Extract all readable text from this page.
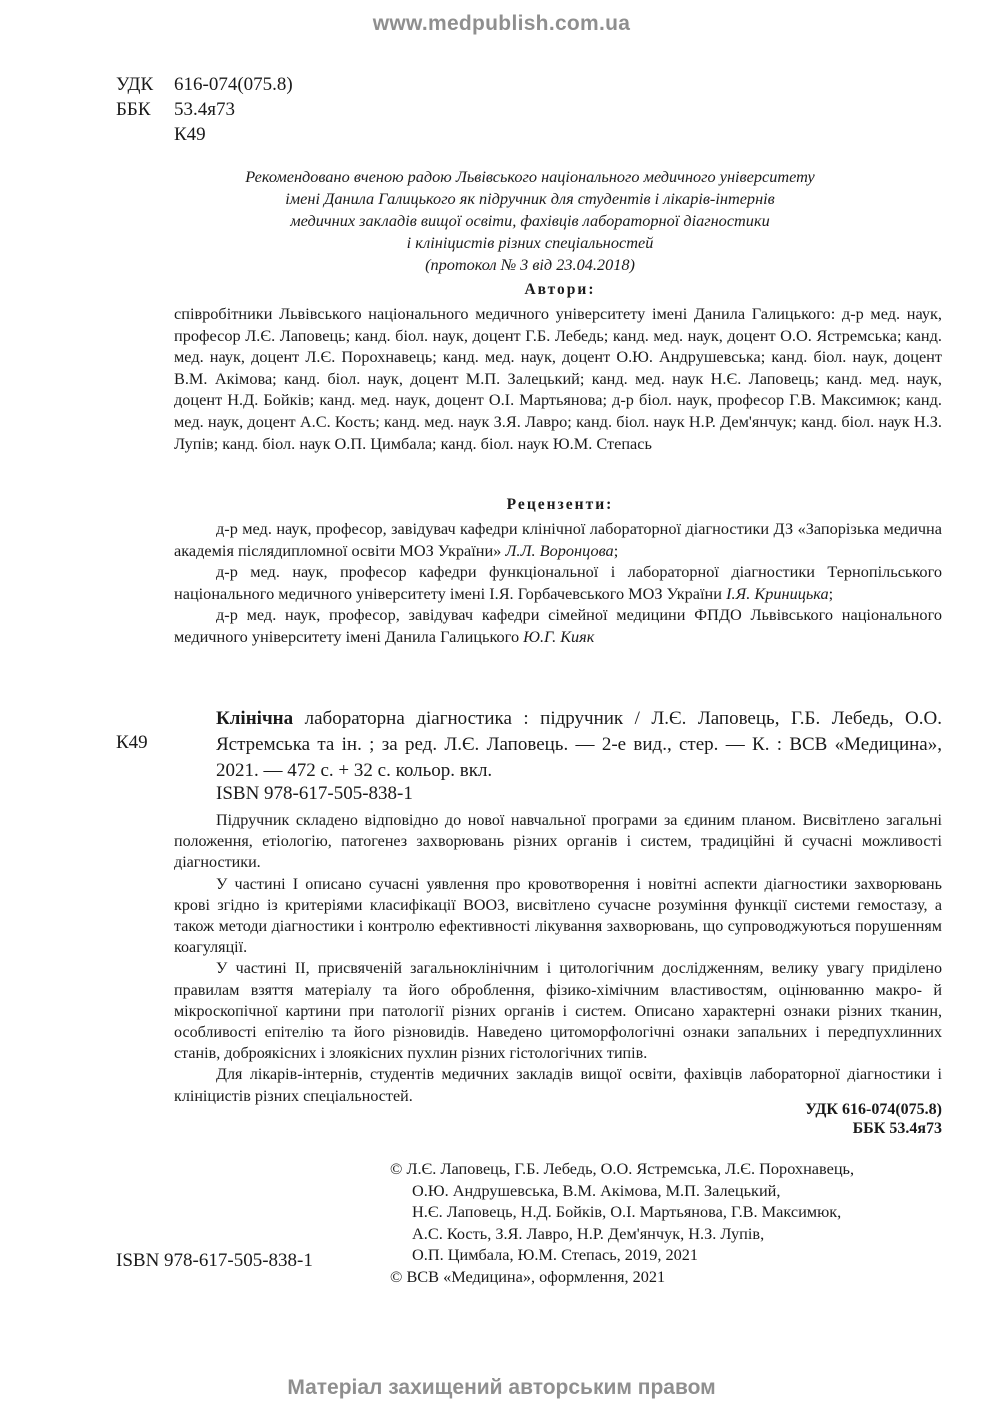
www.medpublish.com.ua
УДК	616-074(075.8)
ББК	53.4я73
К49
Рекомендовано вченою радою Львівського національного медичного університету
імені Данила Галицького як підручник для студентів і лікарів-інтернів
медичних закладів вищої освіти, фахівців лабораторної діагностики
і клініцистів різних спеціальностей
(протокол № 3 від 23.04.2018)
Автори:
співробітники Львівського національного медичного університету імені Данила Галицького: д-р мед. наук, професор Л.Є. Лаповець; канд. біол. наук, доцент Г.Б. Лебедь; канд. мед. наук, доцент О.О. Ястремська; канд. мед. наук, доцент Л.Є. Порохнавець; канд. мед. наук, доцент О.Ю. Андрушевська; канд. біол. наук, доцент В.М. Акімова; канд. біол. наук, доцент М.П. Залецький; канд. мед. наук Н.Є. Лаповець; канд. мед. наук, доцент Н.Д. Бойків; канд. мед. наук, доцент О.І. Мартьянова; д-р біол. наук, професор Г.В. Максимюк; канд. мед. наук, доцент А.С. Кость; канд. мед. наук З.Я. Лавро; канд. біол. наук Н.Р. Дем'янчук; канд. біол. наук Н.З. Лупів; канд. біол. наук О.П. Цимбала; канд. біол. наук Ю.М. Степась
Рецензенти:

д-р мед. наук, професор, завідувач кафедри клінічної лабораторної діагностики ДЗ «Запорізька медична академія післядипломної освіти МОЗ України» Л.Л. Воронцова;

д-р мед. наук, професор кафедри функціональної і лабораторної діагностики Тернопільського національного медичного університету імені І.Я. Горбачевського МОЗ України І.Я. Криницька;

д-р мед. наук, професор, завідувач кафедри сімейної медицини ФПДО Львівського національного медичного університету імені Данила Галицького Ю.Г. Кияк

К49
Клінічна лабораторна діагностика : підручник / Л.Є. Лаповець, Г.Б. Лебедь, О.О. Ястремська та ін. ; за ред. Л.Є. Лаповець. — 2-е вид., стер. — К. : ВСВ «Медицина», 2021. — 472 с. + 32 с. кольор. вкл.
ISBN 978-617-505-838-1

Підручник складено відповідно до нової навчальної програми за єдиним планом. Висвітлено загальні положення, етіологію, патогенез захворювань різних органів і систем, традиційні й сучасні можливості діагностики.

У частині І описано сучасні уявлення про кровотворення і новітні аспекти діагностики захворювань крові згідно із критеріями класифікації ВООЗ, висвітлено сучасне розуміння функції системи гемостазу, а також методи діагностики і контролю ефективності лікування захворювань, що супроводжуються порушенням коагуляції.

У частині ІІ, присвяченій загальноклінічним і цитологічним дослідженням, велику увагу приділено правилам взяття матеріалу та його оброблення, фізико-хімічним властивостям, оцінюванню макро- й мікроскопічної картини при патології різних органів і систем. Описано характерні ознаки різних тканин, особливості епітелію та його різновидів. Наведено цитоморфологічні ознаки запальних і передпухлинних станів, доброякісних і злоякісних пухлин різних гістологічних типів.

Для лікарів-інтернів, студентів медичних закладів вищої освіти, фахівців лабораторної діагностики і клініцистів різних спеціальностей.

УДК 616-074(075.8)
ББК 53.4я73
© Л.Є. Лаповець, Г.Б. Лебедь, О.О. Ястремська, Л.Є. Порохнавець,
О.Ю. Андрушевська, В.М. Акімова, М.П. Залецький,
Н.Є. Лаповець, Н.Д. Бойків, О.І. Мартьянова, Г.В. Максимюк,
А.С. Кость, З.Я. Лавро, Н.Р. Дем'янчук, Н.З. Лупів,
О.П. Цимбала, Ю.М. Степась, 2019, 2021
© ВСВ «Медицина», оформлення, 2021
ISBN 978-617-505-838-1
Матеріал захищений авторським правом
